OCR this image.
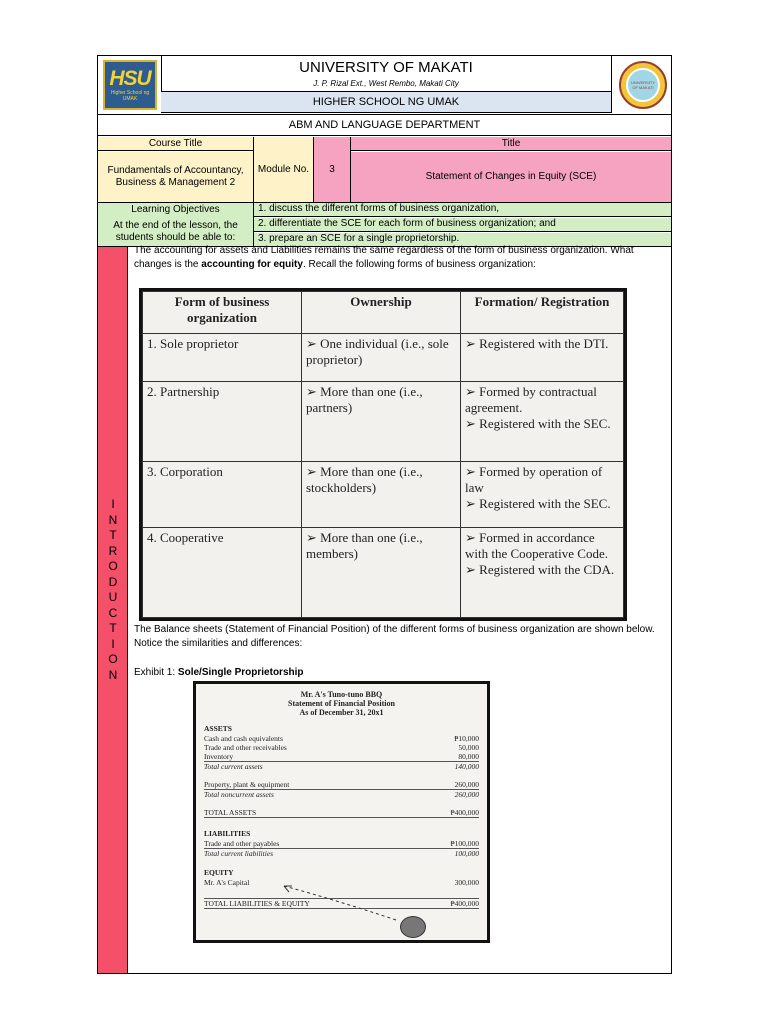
HSU
Higher School ng UMAK
UNIVERSITY OF MAKATI
J. P. Rizal Ext., West Rembo, Makati City
HIGHER SCHOOL NG UMAK
UNIVERSITY OF MAKATI
ABM AND LANGUAGE DEPARTMENT
Course Title
Fundamentals of Accountancy, Business & Management 2
Module No.	3
Title
Statement of Changes in Equity (SCE)
Learning Objectives
At the end of the lesson, the students should be able to:
1. discuss the different forms of business organization,
2. differentiate the SCE for each form of business organization; and
3. prepare an SCE for a single proprietorship.
I
N
T
R
O
D
U
C
T
I
O
N
The accounting for assets and Liabilities remains the same regardless of the form of business organization. What changes is the accounting for equity. Recall the following forms of business organization:
Form of business organization	Ownership	Formation/ Registration
1. Sole proprietor	➢ One individual (i.e., sole proprietor)	➢ Registered with the DTI.

2. Partnership	➢ More than one (i.e., partners)	➢ Formed by contractual agreement.
➢ Registered with the SEC.

3. Corporation	➢ More than one (i.e., stockholders)	➢ Formed by operation of law
➢ Registered with the SEC.

4. Cooperative	➢ More than one (i.e., members)	➢ Formed in accordance with the Cooperative Code.
➢ Registered with the CDA.
The Balance sheets (Statement of Financial Position) of the different forms of business organization are shown below. Notice the similarities and differences:
Exhibit 1: Sole/Single Proprietorship
Mr. A's Tuno-tuno BBQ
Statement of Financial Position
As of December 31, 20x1
ASSETS
Cash and cash equivalents	₱10,000
Trade and other receivables	50,000
Inventory	80,000
Total current assets	140,000
Property, plant & equipment	260,000
Total noncurrent assets	260,000
TOTAL ASSETS	₱400,000
LIABILITIES
Trade and other payables	₱100,000
Total current liabilities	100,000
EQUITY
Mr. A's Capital	300,000
TOTAL LIABILITIES & EQUITY	₱400,000
